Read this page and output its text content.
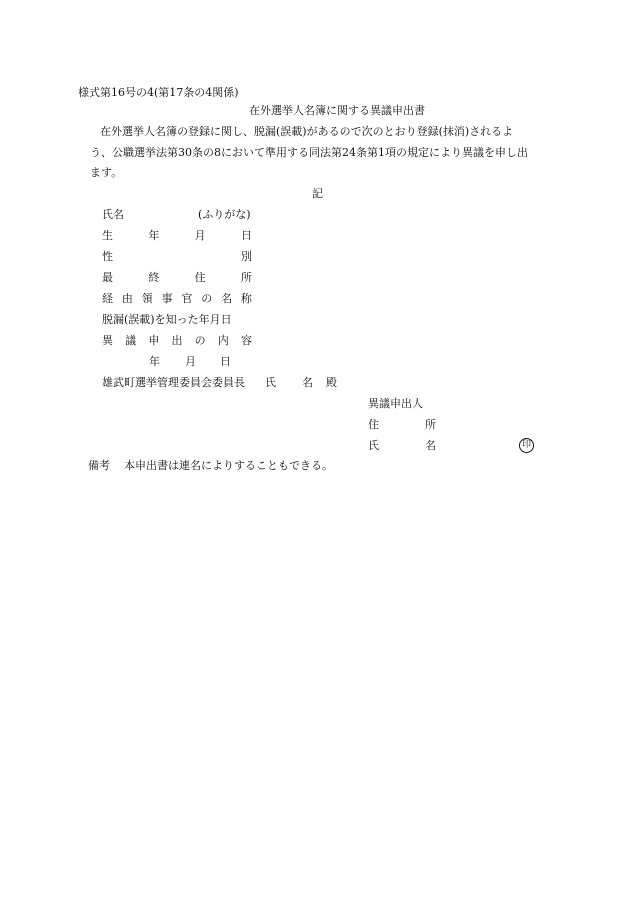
様式第16号の4(第17条の4関係)
在外選挙人名簿に関する異議申出書
在外選挙人名簿の登録に関し、脱漏(誤載)があるので次のとおり登録(抹消)されるよ
う、公職選挙法第30条の8において準用する同法第24条第1項の規定により異議を申し出
ます。
記
氏名	(ふりがな)
生	年	月	日
性	別
最	終	住	所
経 由 領 事 官 の 名 称
脱漏(誤載)を知った年月日
異 議 申 出 の 内 容
年 月 日
雄武町選挙管理委員会委員長 氏 名 殿
異議申出人
住	所
氏	名	印
備考 本申出書は連名によりすることもできる。
